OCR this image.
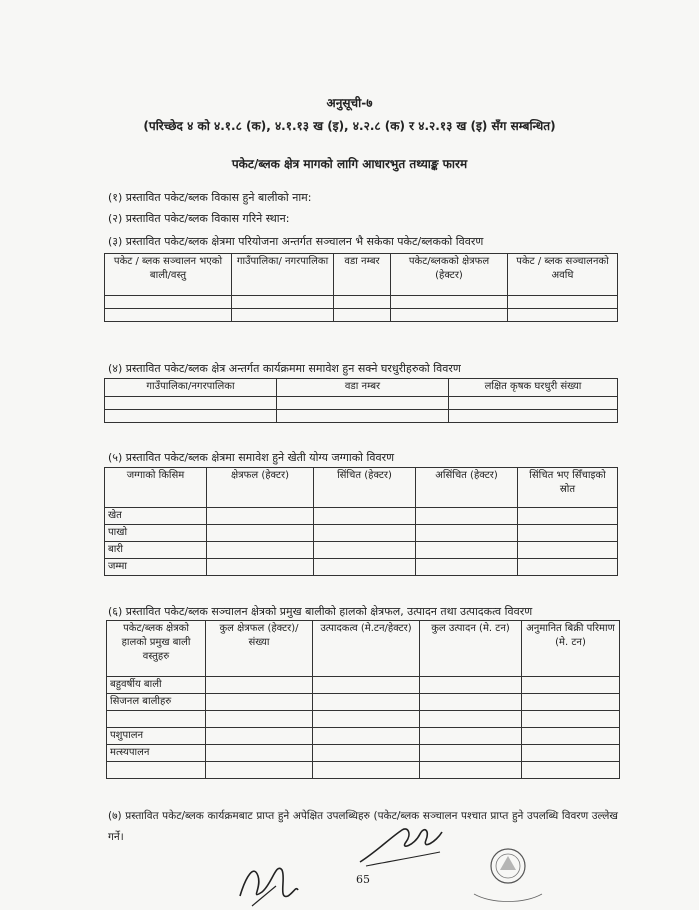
अनुसूची-७
(परिच्छेद ४ को ४.१.८ (क), ४.१.१३ ख (इ), ४.२.८ (क) र ४.२.१३ ख (इ) सँग सम्बन्धित)
पकेट/ब्लक क्षेत्र मागको लागि आधारभुत तथ्याङ्क फारम
(१) प्रस्तावित पकेट/ब्लक विकास हुने बालीको नाम:
(२) प्रस्तावित पकेट/ब्लक विकास गरिने स्थान:
(३) प्रस्तावित पकेट/ब्लक क्षेत्रमा परियोजना अन्तर्गत सञ्चालन भै सकेका पकेट/ब्लकको विवरण
पकेट / ब्लक सञ्चालन भएको बाली/वस्तु	गाउँपालिका/ नगरपालिका	वडा नम्बर	पकेट/ब्लकको क्षेत्रफल (हेक्टर)	पकेट / ब्लक सञ्चालनको अवधि

(४) प्रस्तावित पकेट/ब्लक क्षेत्र अन्तर्गत कार्यक्रममा समावेश हुन सक्ने घरधुरीहरुको विवरण
गाउँपालिका/नगरपालिका	वडा नम्बर	लक्षित कृषक घरधुरी संख्या

(५) प्रस्तावित पकेट/ब्लक क्षेत्रमा समावेश हुने खेती योग्य जग्गाको विवरण
जग्गाको किसिम	क्षेत्रफल (हेक्टर)	सिंचित (हेक्टर)	असिंचित (हेक्टर)	सिंचित भए सिँचाइको स्रोत
खेत				
पाखो				
बारी				
जम्मा				
(६) प्रस्तावित पकेट/ब्लक सञ्चालन क्षेत्रको प्रमुख बालीको हालको क्षेत्रफल, उत्पादन तथा उत्पादकत्व विवरण
पकेट/ब्लक क्षेत्रको हालको प्रमुख बाली वस्तुहरु	कुल क्षेत्रफल (हेक्टर)/संख्या	उत्पादकत्व (मे.टन/हेक्टर)	कुल उत्पादन (मे. टन)	अनुमानित बिक्री परिमाण (मे. टन)
बहुवर्षीय बाली				
सिजनल बालीहरु				

पशुपालन				
मत्स्यपालन				

(७) प्रस्तावित पकेट/ब्लक कार्यक्रमबाट प्राप्त हुने अपेक्षित उपलब्धिहरु (पकेट/ब्लक सञ्चालन पश्चात प्राप्त हुने उपलब्धि विवरण उल्लेख गर्ने।
65
